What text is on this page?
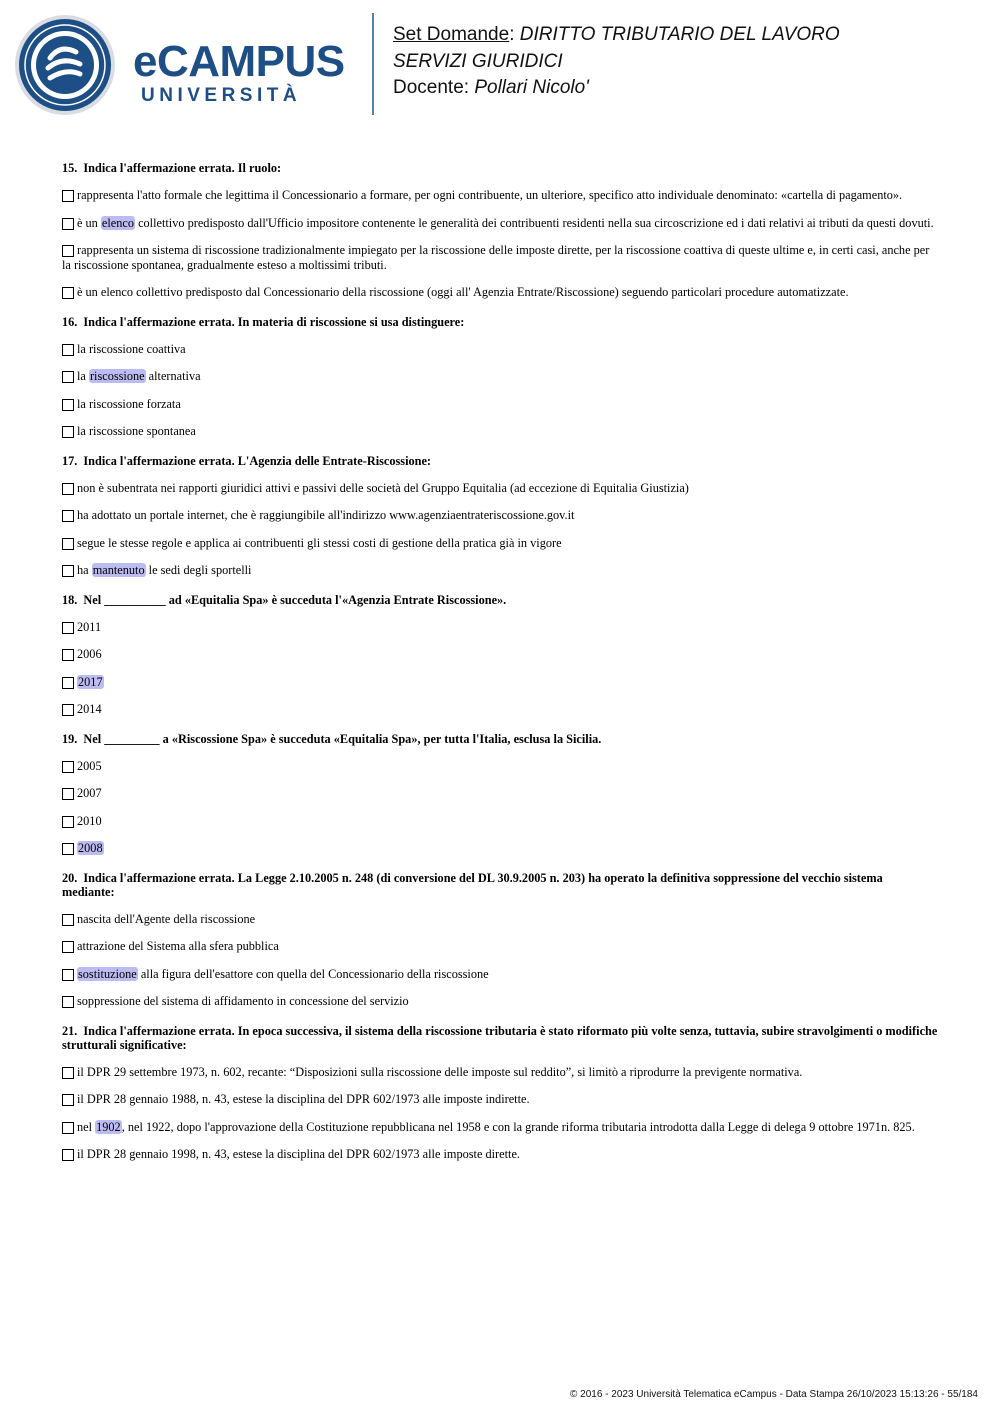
eCAMPUS
UNIVERSITÀ
Set Domande: DIRITTO TRIBUTARIO DEL LAVORO
SERVIZI GIURIDICI
Docente: Pollari Nicolo'
15. Indica l'affermazione errata. Il ruolo:
rappresenta l'atto formale che legittima il Concessionario a formare, per ogni contribuente, un ulteriore, specifico atto individuale denominato: «cartella di pagamento».
è un elenco collettivo predisposto dall'Ufficio impositore contenente le generalità dei contribuenti residenti nella sua circoscrizione ed i dati relativi ai tributi da questi dovuti.
rappresenta un sistema di riscossione tradizionalmente impiegato per la riscossione delle imposte dirette, per la riscossione coattiva di queste ultime e, in certi casi, anche per la riscossione spontanea, gradualmente esteso a moltissimi tributi.
è un elenco collettivo predisposto dal Concessionario della riscossione (oggi all' Agenzia Entrate/Riscossione) seguendo particolari procedure automatizzate.
16. Indica l'affermazione errata. In materia di riscossione si usa distinguere:
la riscossione coattiva
la riscossione alternativa
la riscossione forzata
la riscossione spontanea
17. Indica l'affermazione errata. L'Agenzia delle Entrate-Riscossione:
non è subentrata nei rapporti giuridici attivi e passivi delle società del Gruppo Equitalia (ad eccezione di Equitalia Giustizia)
ha adottato un portale internet, che è raggiungibile all'indirizzo www.agenziaentrateriscossione.gov.it
segue le stesse regole e applica ai contribuenti gli stessi costi di gestione della pratica già in vigore
ha mantenuto le sedi degli sportelli
18. Nel __________ ad «Equitalia Spa» è succeduta l'«Agenzia Entrate Riscossione».
2011
2006
2017
2014
19. Nel _________ a «Riscossione Spa» è succeduta «Equitalia Spa», per tutta l'Italia, esclusa la Sicilia.
2005
2007
2010
2008
20. Indica l'affermazione errata. La Legge 2.10.2005 n. 248 (di conversione del DL 30.9.2005 n. 203) ha operato la definitiva soppressione del vecchio sistema mediante:
nascita dell'Agente della riscossione
attrazione del Sistema alla sfera pubblica
sostituzione alla figura dell'esattore con quella del Concessionario della riscossione
soppressione del sistema di affidamento in concessione del servizio
21. Indica l'affermazione errata. In epoca successiva, il sistema della riscossione tributaria è stato riformato più volte senza, tuttavia, subire stravolgimenti o modifiche strutturali significative:
il DPR 29 settembre 1973, n. 602, recante: “Disposizioni sulla riscossione delle imposte sul reddito”, si limitò a riprodurre la previgente normativa.
il DPR 28 gennaio 1988, n. 43, estese la disciplina del DPR 602/1973 alle imposte indirette.
nel 1902, nel 1922, dopo l'approvazione della Costituzione repubblicana nel 1958 e con la grande riforma tributaria introdotta dalla Legge di delega 9 ottobre 1971n. 825.
il DPR 28 gennaio 1998, n. 43, estese la disciplina del DPR 602/1973 alle imposte dirette.
© 2016 - 2023 Università Telematica eCampus - Data Stampa 26/10/2023 15:13:26 - 55/184
